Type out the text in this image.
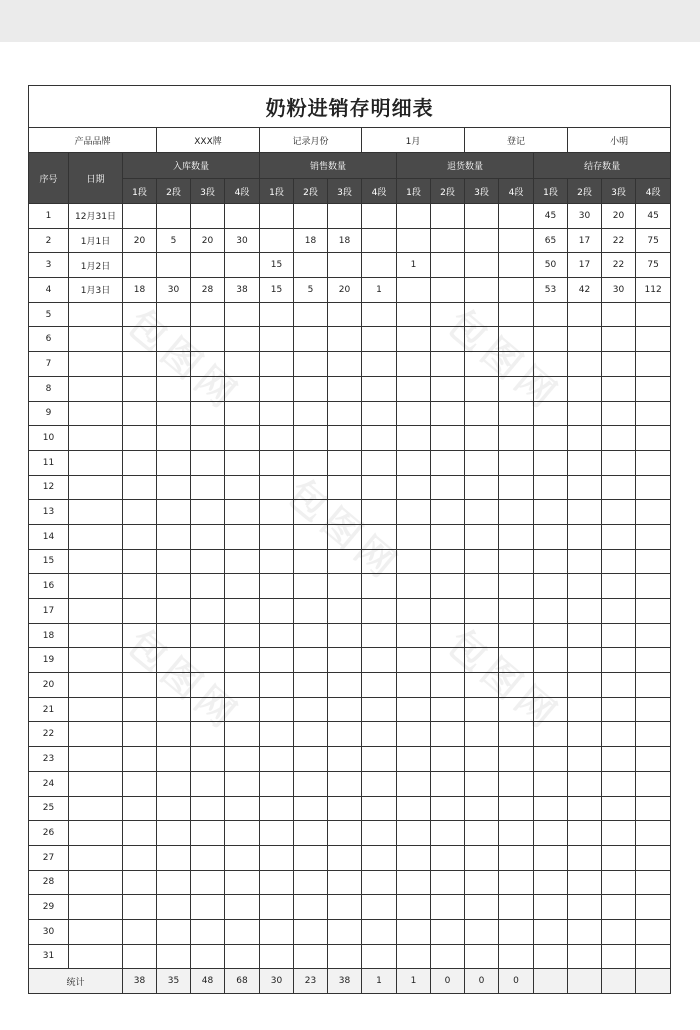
奶粉进销存明细表																	
产品品牌			XXX牌			记录月份			1月			登记			小明		
序号	日期	入库数量				销售数量				退货数量				结存数量			
		1段	2段	3段	4段	1段	2段	3段	4段	1段	2段	3段	4段	1段	2段	3段	4段
1	12月31日													45	30	20	45
2	1月1日	20	5	20	30		18	18						65	17	22	75
3	1月2日					15				1				50	17	22	75
4	1月3日	18	30	28	38	15	5	20	1					53	42	30	112
5																	
6																	
7																	
8																	
9																	
10																	
11																	
12																	
13																	
14																	
15																	
16																	
17																	
18																	
19																	
20																	
21																	
22																	
23																	
24																	
25																	
26																	
27																	
28																	
29																	
30																	
31																	
统计		38	35	48	68	30	23	38	1	1	0	0	0				
包图网	包图网
包图网
包图网	包图网
